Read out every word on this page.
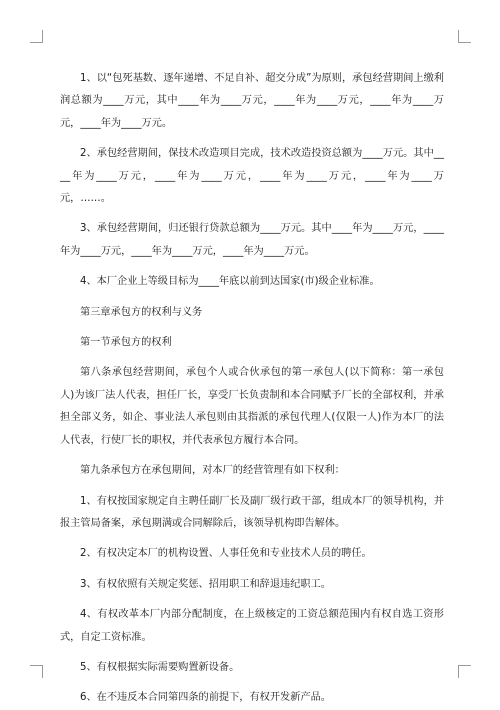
1、以“包死基数、逐年递增、不足自补、超交分成”为原则，承包经营期间上缴利润总额为____万元，其中____年为____万元，____年为____万元，____年为____万元，____年为____万元。

2、承包经营期间，保技术改造项目完成，技术改造投资总额为____万元。其中____年为____万元，____年为____万元，____年为____万元，____年为____万元，……。

3、承包经营期间，归还银行贷款总额为____万元。其中____年为____万元，____年为____万元，____年为____万元，____年为____万元。

4、本厂企业上等级目标为____年底以前到达国家(市)级企业标准。

第三章承包方的权利与义务

第一节承包方的权利

第八条承包经营期间，承包个人或合伙承包的第一承包人(以下简称：第一承包人)为该厂法人代表，担任厂长，享受厂长负责制和本合同赋予厂长的全部权利，并承担全部义务，如企、事业法人承包则由其指派的承包代理人(仅限一人)作为本厂的法人代表，行使厂长的职权，并代表承包方履行本合同。

第九条承包方在承包期间，对本厂的经营管理有如下权利：

1、有权按国家规定自主聘任副厂长及副厂级行政干部，组成本厂的领导机构，并报主管局备案，承包期满或合同解除后，该领导机构即告解体。

2、有权决定本厂的机构设置、人事任免和专业技术人员的聘任。

3、有权依照有关规定奖惩、招用职工和辞退违纪职工。

4、有权改革本厂内部分配制度，在上级核定的工资总额范围内有权自选工资形式，自定工资标准。

5、有权根据实际需要购置新设备。

6、在不违反本合同第四条的前提下，有权开发新产品。
